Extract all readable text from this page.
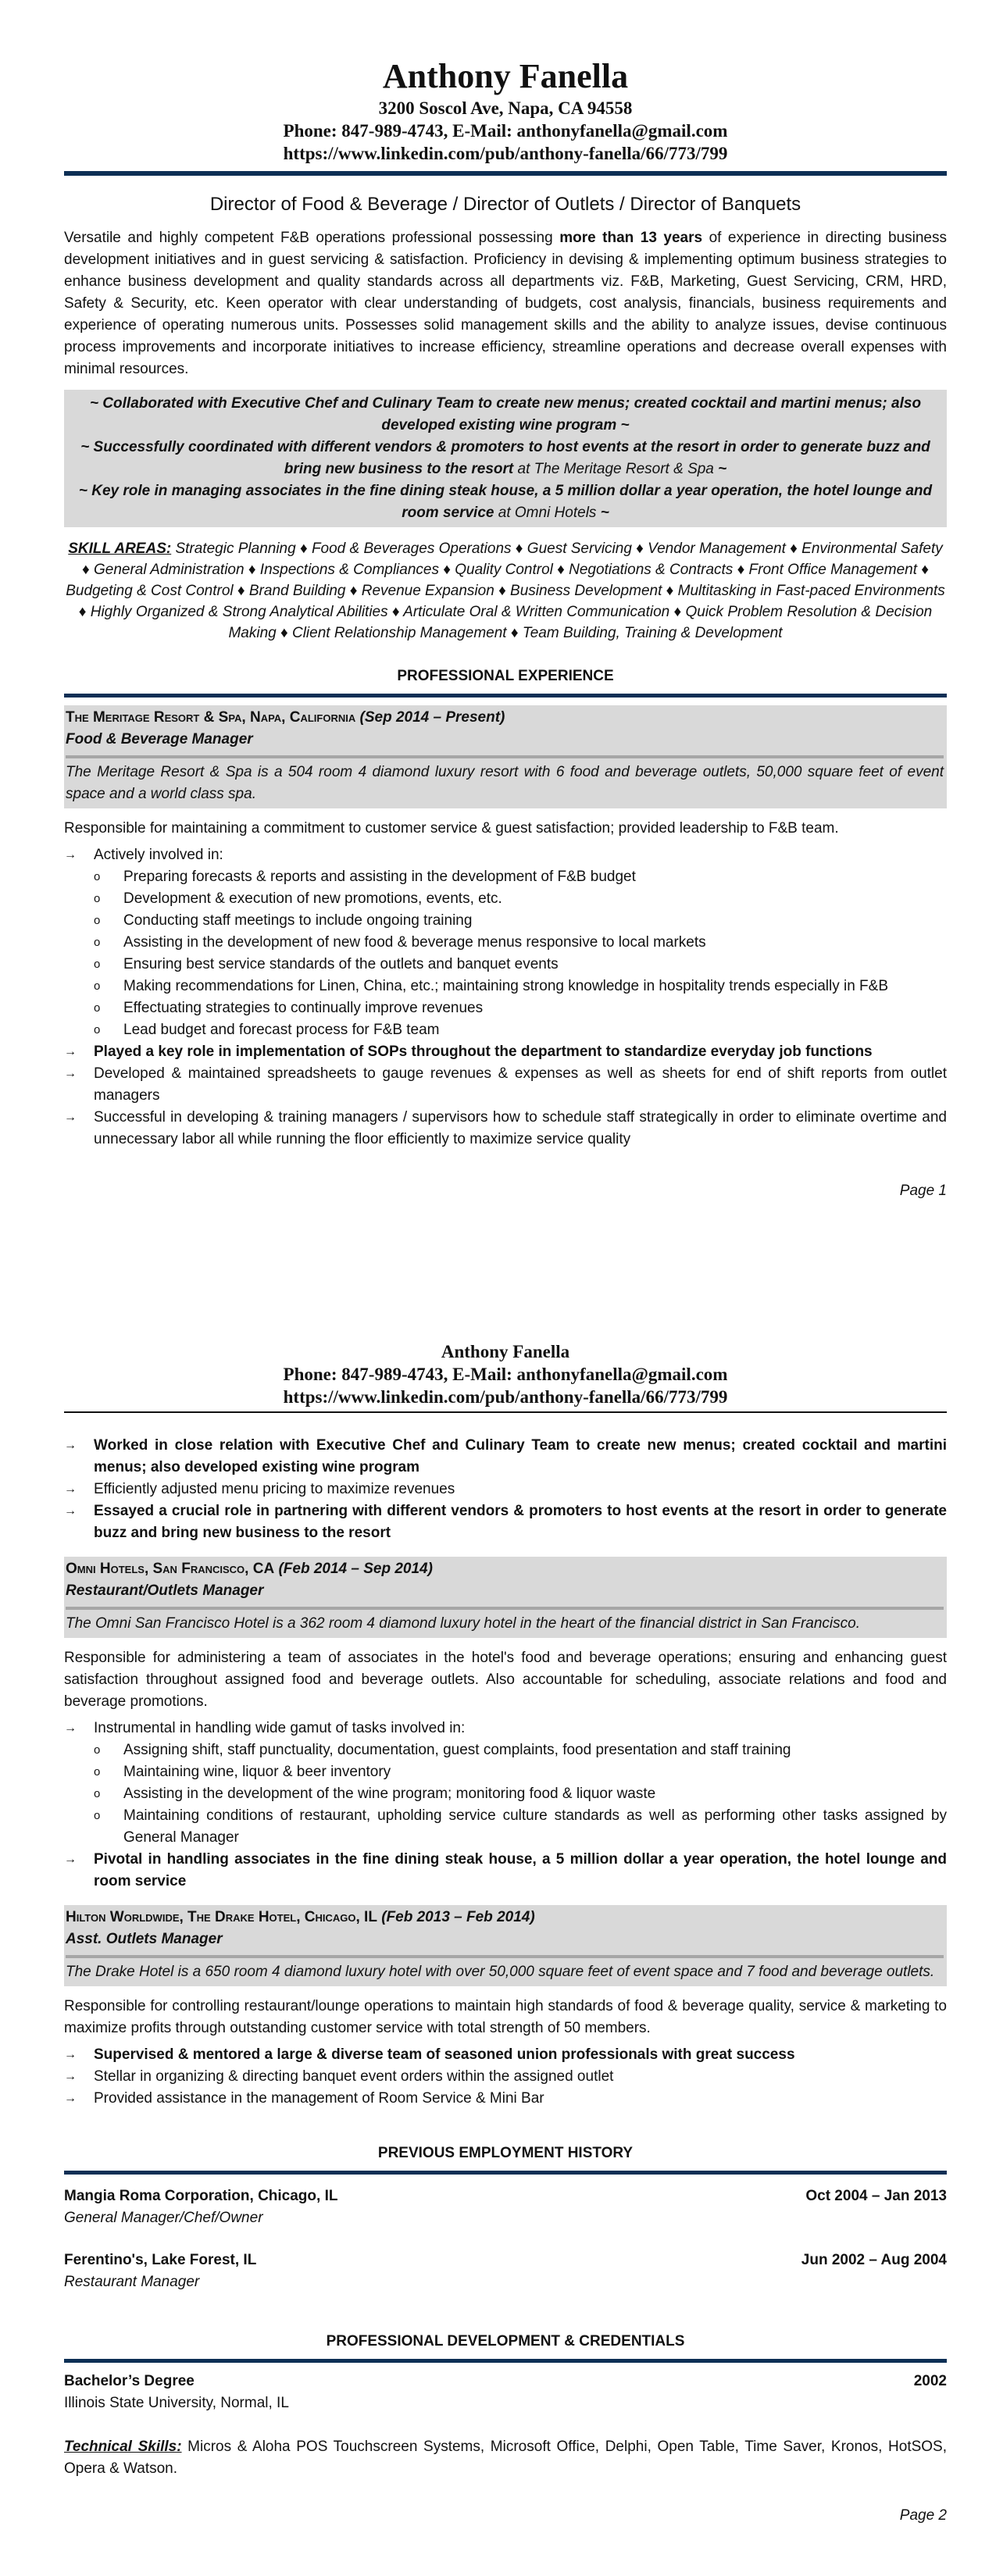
Anthony Fanella
3200 Soscol Ave, Napa, CA 94558
Phone: 847-989-4743, E-Mail: anthonyfanella@gmail.com
https://www.linkedin.com/pub/anthony-fanella/66/773/799
Director of Food & Beverage / Director of Outlets / Director of Banquets

Versatile and highly competent F&B operations professional possessing more than 13 years of experience in directing business development initiatives and in guest servicing & satisfaction. Proficiency in devising & implementing optimum business strategies to enhance business development and quality standards across all departments viz. F&B, Marketing, Guest Servicing, CRM, HRD, Safety & Security, etc. Keen operator with clear understanding of budgets, cost analysis, financials, business requirements and experience of operating numerous units. Possesses solid management skills and the ability to analyze issues, devise continuous process improvements and incorporate initiatives to increase efficiency, streamline operations and decrease overall expenses with minimal resources.

~ Collaborated with Executive Chef and Culinary Team to create new menus; created cocktail and martini menus; also developed existing wine program ~
~ Successfully coordinated with different vendors & promoters to host events at the resort in order to generate buzz and bring new business to the resort at The Meritage Resort & Spa ~
~ Key role in managing associates in the fine dining steak house, a 5 million dollar a year operation, the hotel lounge and room service at Omni Hotels ~

SKILL AREAS: Strategic Planning ♦ Food & Beverages Operations ♦ Guest Servicing ♦ Vendor Management ♦ Environmental Safety ♦ General Administration ♦ Inspections & Compliances ♦ Quality Control ♦ Negotiations & Contracts ♦ Front Office Management ♦ Budgeting & Cost Control ♦ Brand Building ♦ Revenue Expansion ♦ Business Development ♦ Multitasking in Fast-paced Environments ♦ Highly Organized & Strong Analytical Abilities ♦ Articulate Oral & Written Communication ♦ Quick Problem Resolution & Decision Making ♦ Client Relationship Management ♦ Team Building, Training & Development

PROFESSIONAL EXPERIENCE
The Meritage Resort & Spa, Napa, California (Sep 2014 – Present)
Food & Beverage Manager
The Meritage Resort & Spa is a 504 room 4 diamond luxury resort with 6 food and beverage outlets, 50,000 square feet of event space and a world class spa.

Responsible for maintaining a commitment to customer service & guest satisfaction; provided leadership to F&B team.

→ Actively involved in:
o Preparing forecasts & reports and assisting in the development of F&B budget
o Development & execution of new promotions, events, etc.
o Conducting staff meetings to include ongoing training
o Assisting in the development of new food & beverage menus responsive to local markets
o Ensuring best service standards of the outlets and banquet events
o Making recommendations for Linen, China, etc.; maintaining strong knowledge in hospitality trends especially in F&B
o Effectuating strategies to continually improve revenues
o Lead budget and forecast process for F&B team
→ Played a key role in implementation of SOPs throughout the department to standardize everyday job functions
→ Developed & maintained spreadsheets to gauge revenues & expenses as well as sheets for end of shift reports from outlet managers
→ Successful in developing & training managers / supervisors how to schedule staff strategically in order to eliminate overtime and unnecessary labor all while running the floor efficiently to maximize service quality
Page 1
Anthony Fanella
Phone: 847-989-4743, E-Mail: anthonyfanella@gmail.com
https://www.linkedin.com/pub/anthony-fanella/66/773/799
→ Worked in close relation with Executive Chef and Culinary Team to create new menus; created cocktail and martini menus; also developed existing wine program
→ Efficiently adjusted menu pricing to maximize revenues
→ Essayed a crucial role in partnering with different vendors & promoters to host events at the resort in order to generate buzz and bring new business to the resort
Omni Hotels, San Francisco, CA (Feb 2014 – Sep 2014)
Restaurant/Outlets Manager
The Omni San Francisco Hotel is a 362 room 4 diamond luxury hotel in the heart of the financial district in San Francisco.

Responsible for administering a team of associates in the hotel's food and beverage operations; ensuring and enhancing guest satisfaction throughout assigned food and beverage outlets. Also accountable for scheduling, associate relations and food and beverage promotions.

→ Instrumental in handling wide gamut of tasks involved in:
o Assigning shift, staff punctuality, documentation, guest complaints, food presentation and staff training
o Maintaining wine, liquor & beer inventory
o Assisting in the development of the wine program; monitoring food & liquor waste
o Maintaining conditions of restaurant, upholding service culture standards as well as performing other tasks assigned by General Manager
→ Pivotal in handling associates in the fine dining steak house, a 5 million dollar a year operation, the hotel lounge and room service
Hilton Worldwide, The Drake Hotel, Chicago, IL (Feb 2013 – Feb 2014)
Asst. Outlets Manager
The Drake Hotel is a 650 room 4 diamond luxury hotel with over 50,000 square feet of event space and 7 food and beverage outlets.

Responsible for controlling restaurant/lounge operations to maintain high standards of food & beverage quality, service & marketing to maximize profits through outstanding customer service with total strength of 50 members.

→ Supervised & mentored a large & diverse team of seasoned union professionals with great success
→ Stellar in organizing & directing banquet event orders within the assigned outlet
→ Provided assistance in the management of Room Service & Mini Bar
PREVIOUS EMPLOYMENT HISTORY
Mangia Roma Corporation, Chicago, IL	Oct 2004 – Jan 2013
General Manager/Chef/Owner
Ferentino's, Lake Forest, IL	Jun 2002 – Aug 2004
Restaurant Manager
PROFESSIONAL DEVELOPMENT & CREDENTIALS
Bachelor’s Degree	2002
Illinois State University, Normal, IL

Technical Skills: Micros & Aloha POS Touchscreen Systems, Microsoft Office, Delphi, Open Table, Time Saver, Kronos, HotSOS, Opera & Watson.

Page 2
